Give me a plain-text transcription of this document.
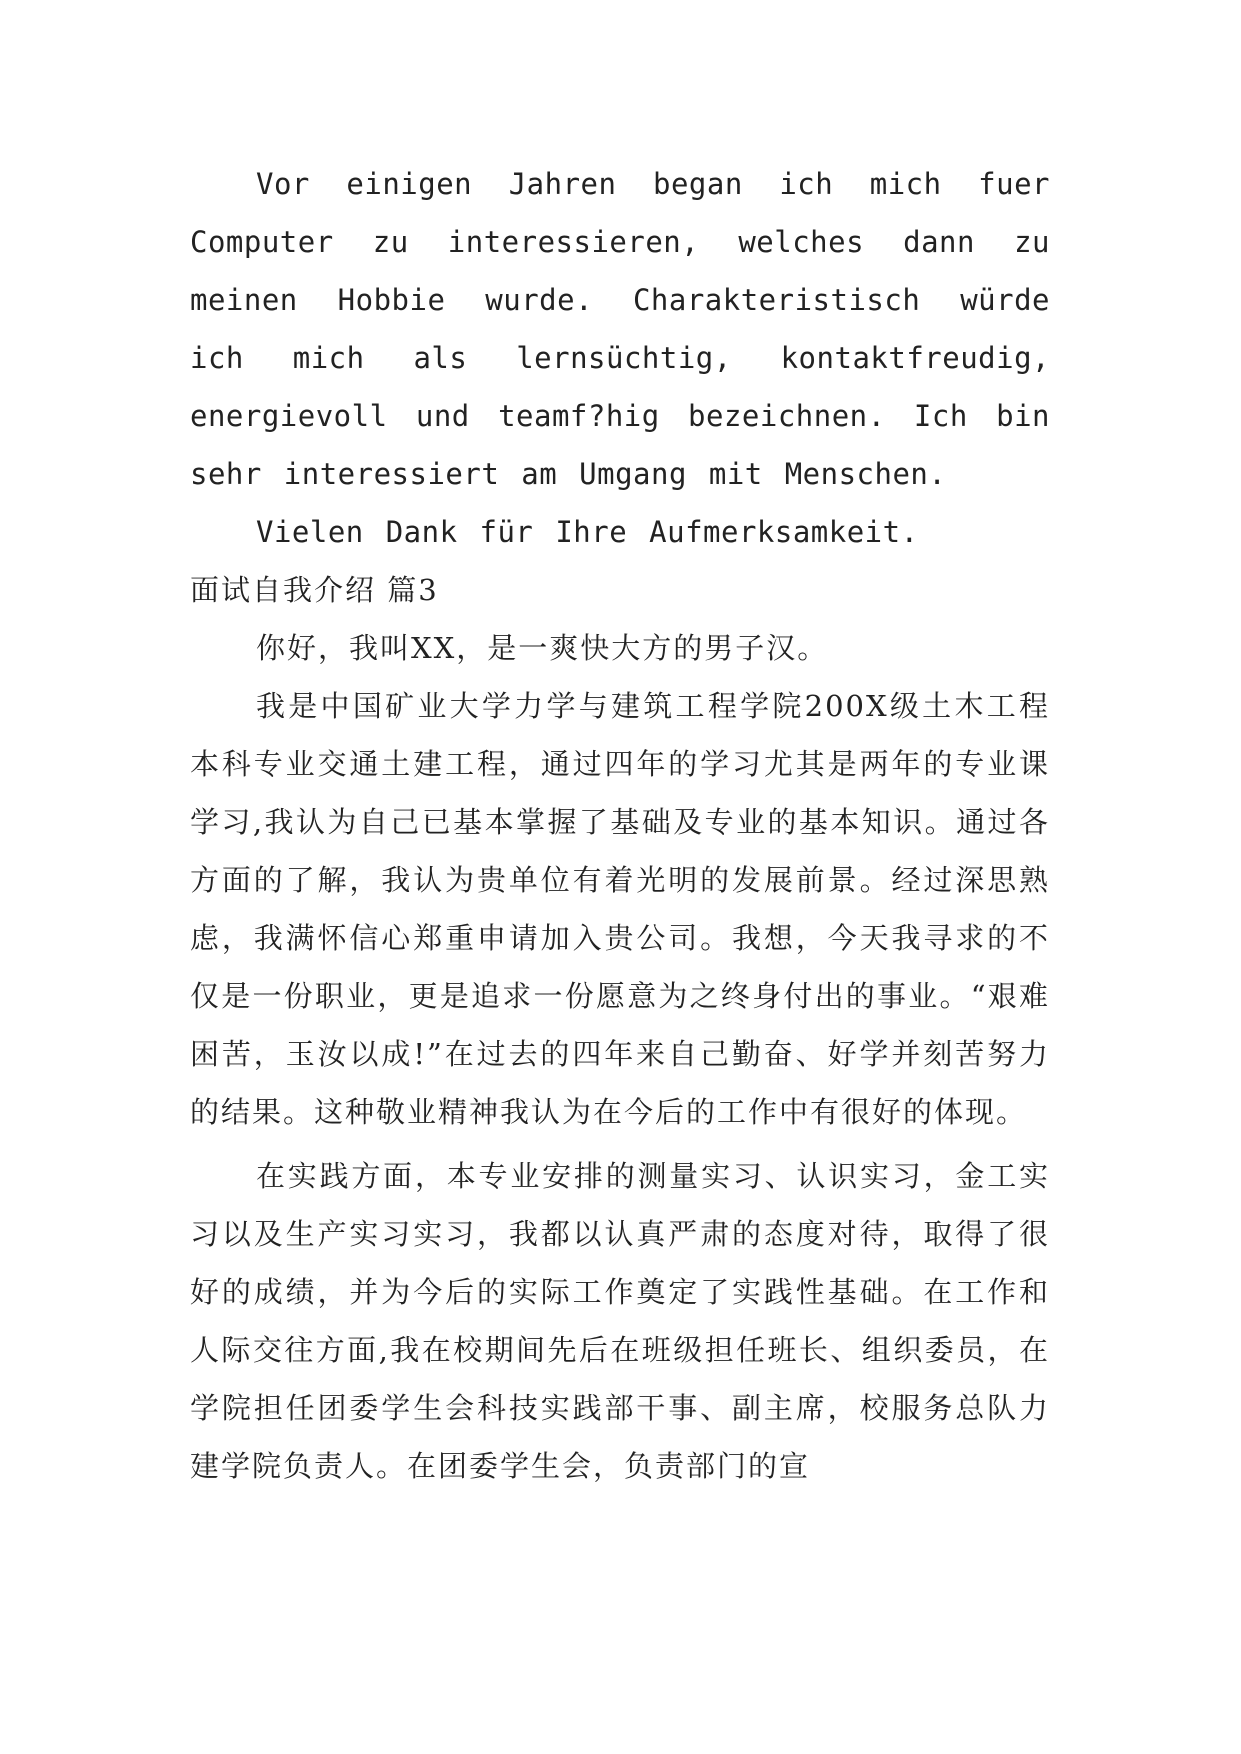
Vor einigen Jahren began ich mich fuer Computer zu interessieren, welches dann zu meinen Hobbie wurde. Charakteristisch würde ich mich als lernsüchtig, kontaktfreudig, energievoll und teamf?hig bezeichnen. Ich bin sehr interessiert am Umgang mit Menschen.

Vielen Dank für Ihre Aufmerksamkeit.

面试自我介绍 篇3

你好，我叫XX，是一爽快大方的男子汉。

我是中国矿业大学力学与建筑工程学院200X级土木工程本科专业交通土建工程，通过四年的学习尤其是两年的专业课学习,我认为自己已基本掌握了基础及专业的基本知识。通过各方面的了解，我认为贵单位有着光明的发展前景。经过深思熟虑，我满怀信心郑重申请加入贵公司。我想，今天我寻求的不仅是一份职业，更是追求一份愿意为之终身付出的事业。“艰难困苦，玉汝以成!”在过去的四年来自己勤奋、好学并刻苦努力的结果。这种敬业精神我认为在今后的工作中有很好的体现。

在实践方面，本专业安排的测量实习、认识实习，金工实习以及生产实习实习，我都以认真严肃的态度对待，取得了很好的成绩，并为今后的实际工作奠定了实践性基础。在工作和人际交往方面,我在校期间先后在班级担任班长、组织委员，在学院担任团委学生会科技实践部干事、副主席，校服务总队力建学院负责人。在团委学生会，负责部门的宣
